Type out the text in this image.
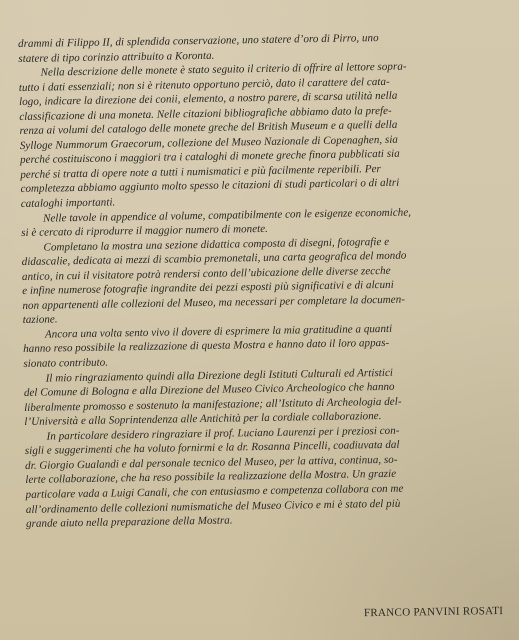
drammi di Filippo II, di splendida conservazione, uno statere d’oro di Pirro, uno
statere di tipo corinzio attribuito a Koronta.

Nella descrizione delle monete è stato seguito il criterio di offrire al lettore sopra-
tutto i dati essenziali; non si è ritenuto opportuno perciò, dato il carattere del cata-
logo, indicare la direzione dei conii, elemento, a nostro parere, di scarsa utilità nella
classificazione di una moneta. Nelle citazioni bibliografiche abbiamo dato la prefe-
renza ai volumi del catalogo delle monete greche del British Museum e a quelli della
Sylloge Nummorum Graecorum, collezione del Museo Nazionale di Copenaghen, sia
perché costituiscono i maggiori tra i cataloghi di monete greche finora pubblicati sia
perché si tratta di opere note a tutti i numismatici e più facilmente reperibili. Per
completezza abbiamo aggiunto molto spesso le citazioni di studi particolari o di altri
cataloghi importanti.

Nelle tavole in appendice al volume, compatibilmente con le esigenze economiche,
si è cercato di riprodurre il maggior numero di monete.

Completano la mostra una sezione didattica composta di disegni, fotografie e
didascalie, dedicata ai mezzi di scambio premonetali, una carta geografica del mondo
antico, in cui il visitatore potrà rendersi conto dell’ubicazione delle diverse zecche
e infine numerose fotografie ingrandite dei pezzi esposti più significativi e di alcuni
non appartenenti alle collezioni del Museo, ma necessari per completare la documen-
tazione.

Ancora una volta sento vivo il dovere di esprimere la mia gratitudine a quanti
hanno reso possibile la realizzazione di questa Mostra e hanno dato il loro appas-
sionato contributo.

Il mio ringraziamento quindi alla Direzione degli Istituti Culturali ed Artistici
del Comune di Bologna e alla Direzione del Museo Civico Archeologico che hanno
liberalmente promosso e sostenuto la manifestazione; all’Istituto di Archeologia del-
l’Università e alla Soprintendenza alle Antichità per la cordiale collaborazione.

In particolare desidero ringraziare il prof. Luciano Laurenzi per i preziosi con-
sigli e suggerimenti che ha voluto fornirmi e la dr. Rosanna Pincelli, coadiuvata dal
dr. Giorgio Gualandi e dal personale tecnico del Museo, per la attiva, continua, so-
lerte collaborazione, che ha reso possibile la realizzazione della Mostra. Un grazie
particolare vada a Luigi Canali, che con entusiasmo e competenza collabora con me
all’ordinamento delle collezioni numismatiche del Museo Civico e mi è stato del più
grande aiuto nella preparazione della Mostra.

FRANCO PANVINI ROSATI
